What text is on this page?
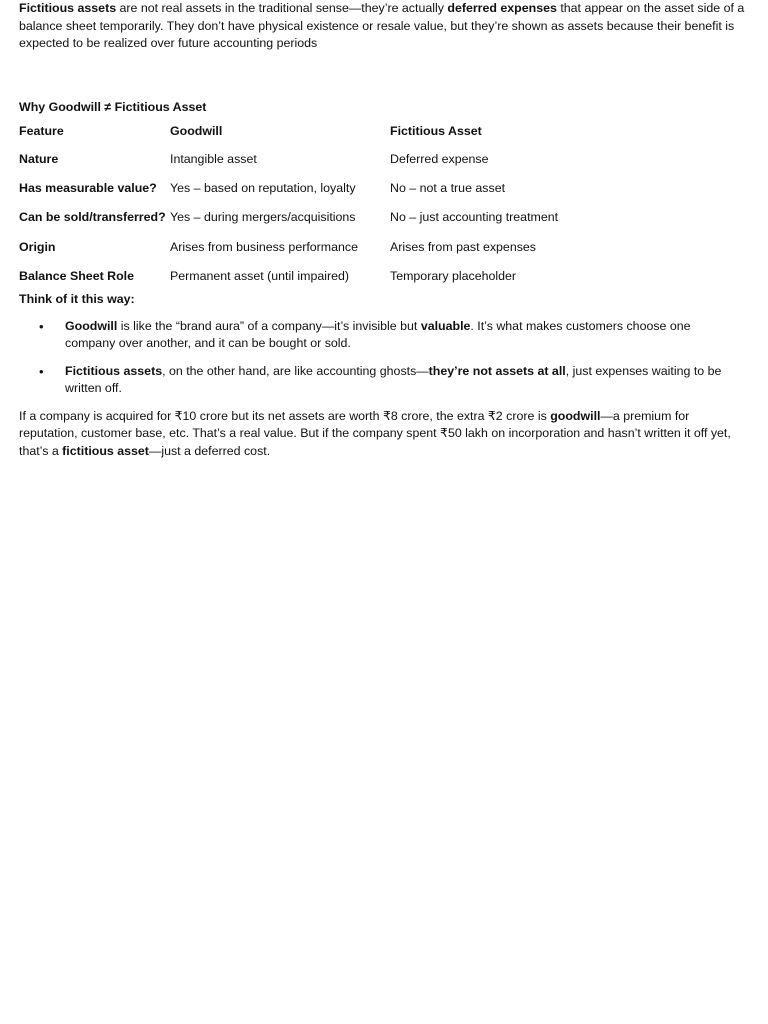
Fictitious assets are not real assets in the traditional sense—they’re actually deferred expenses that appear on the asset side of a balance sheet temporarily. They don’t have physical existence or resale value, but they’re shown as assets because their benefit is expected to be realized over future accounting periods

Why Goodwill ≠ Fictitious Asset
Feature	Goodwill	Fictitious Asset
Nature	Intangible asset	Deferred expense
Has measurable value?	Yes – based on reputation, loyalty	No – not a true asset
Can be sold/transferred?	Yes – during mergers/acquisitions	No – just accounting treatment
Origin	Arises from business performance	Arises from past expenses
Balance Sheet Role	Permanent asset (until impaired)	Temporary placeholder
Think of it this way:
• Goodwill is like the “brand aura” of a company—it’s invisible but valuable. It’s what makes customers choose one company over another, and it can be bought or sold.
• Fictitious assets, on the other hand, are like accounting ghosts—they’re not assets at all, just expenses waiting to be written off.

If a company is acquired for ₹10 crore but its net assets are worth ₹8 crore, the extra ₹2 crore is goodwill—a premium for reputation, customer base, etc. That’s a real value. But if the company spent ₹50 lakh on incorporation and hasn’t written it off yet, that’s a fictitious asset—just a deferred cost.
